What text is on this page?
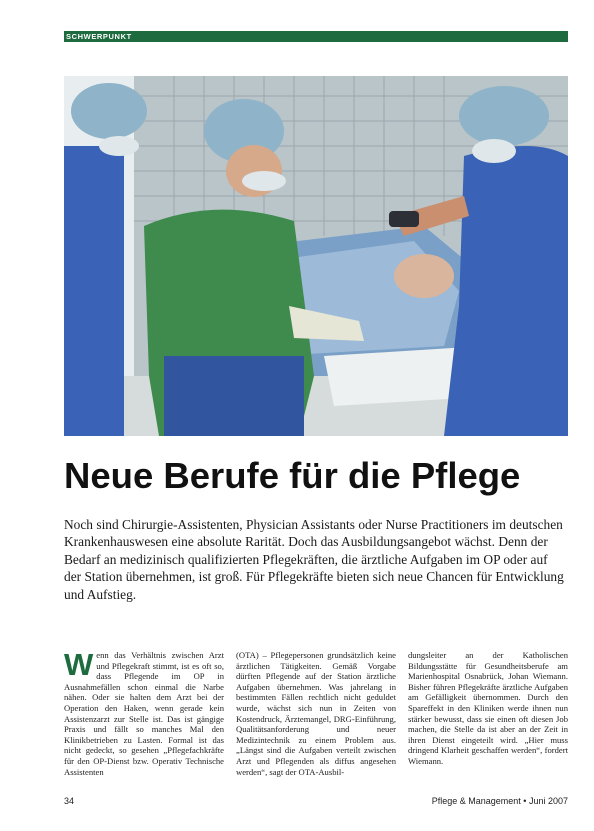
SCHWERPUNKT
Neue Berufe für die Pflege
Noch sind Chirurgie-Assistenten, Physician Assistants oder Nurse Practitioners im deutschen Krankenhauswesen eine absolute Rarität. Doch das Ausbildungsangebot wächst. Denn der Bedarf an medizinisch qualifizierten Pflegekräften, die ärztliche Aufgaben im OP oder auf der Station übernehmen, ist groß. Für Pflegekräfte bieten sich neue Chancen für Entwicklung und Aufstieg.
Wenn das Verhältnis zwischen Arzt und Pflegekraft stimmt, ist es oft so, dass Pflegende im OP in Ausnahmefällen schon einmal die Narbe nähen. Oder sie halten dem Arzt bei der Operation den Haken, wenn gerade kein Assistenzarzt zur Stelle ist. Das ist gängige Praxis und fällt so manches Mal den Klinikbetrieben zu Lasten. Formal ist das nicht gedeckt, so gesehen „Pflegefachkräfte für den OP-Dienst bzw. Operativ Technische Assistenten
(OTA) – Pflegepersonen grundsätzlich keine ärztlichen Tätigkeiten. Gemäß Vorgabe dürften Pflegende auf der Station ärztliche Aufgaben übernehmen. Was jahrelang in bestimmten Fällen rechtlich nicht geduldet wurde, wächst sich nun in Zeiten von Kostendruck, Ärztemangel, DRG-Einführung, Qualitätsanforderung und neuer Medizintechnik zu einem Problem aus. „Längst sind die Aufgaben verteilt zwischen Arzt und Pflegenden als diffus angesehen werden“, sagt der OTA-Ausbil-
dungsleiter an der Katholischen Bildungsstätte für Gesundheitsberufe am Marienhospital Osnabrück, Johan Wiemann. Bisher führen Pflegekräfte ärztliche Aufgaben am Gefälligkeit übernommen. Durch den Spareffekt in den Kliniken werde ihnen nun stärker bewusst, dass sie einen oft diesen Job machen, die Stelle da ist aber an der Zeit in ihren Dienst eingeteilt wird. „Hier muss dringend Klarheit geschaffen werden“, fordert Wiemann.
34	Pflege & Management • Juni 2007
